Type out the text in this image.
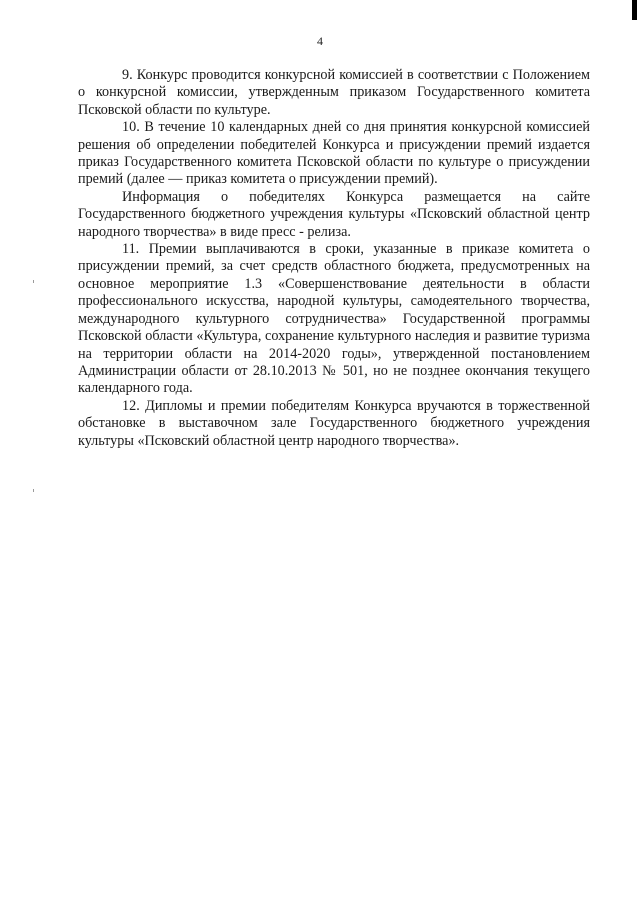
4

9. Конкурс проводится конкурсной комиссией в соответствии с Положением о конкурсной комиссии, утвержденным приказом Государственного комитета Псковской области по культуре.

10. В течение 10 календарных дней со дня принятия конкурсной комиссией решения об определении победителей Конкурса и присуждении премий издается приказ Государственного комитета Псковской области по культуре о присуждении премий (далее — приказ комитета о присуждении премий).

Информация о победителях Конкурса размещается на сайте Государственного бюджетного учреждения культуры «Псковский областной центр народного творчества» в виде пресс - релиза.

11. Премии выплачиваются в сроки, указанные в приказе комитета о присуждении премий, за счет средств областного бюджета, предусмотренных на основное мероприятие 1.3 «Совершенствование деятельности в области профессионального искусства, народной культуры, самодеятельного творчества, международного культурного сотрудничества» Государственной программы Псковской области «Культура, сохранение культурного наследия и развитие туризма на территории области на 2014-2020 годы», утвержденной постановлением Администрации области от 28.10.2013 № 501, но не позднее окончания текущего календарного года.

12. Дипломы и премии победителям Конкурса вручаются в торжественной обстановке в выставочном зале Государственного бюджетного учреждения культуры «Псковский областной центр народного творчества».
